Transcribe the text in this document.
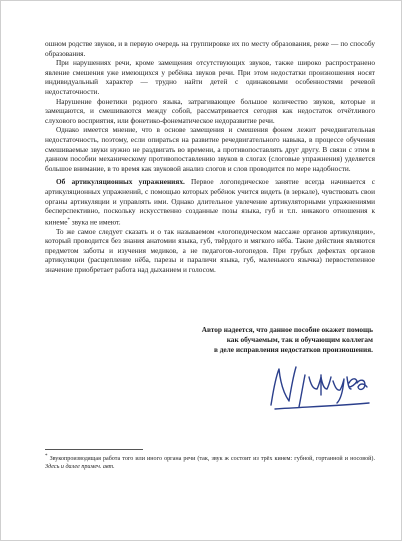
ошном родстве звуков, и в первую очередь на группировке их по месту образования, реже — по способу образования.

При нарушениях речи, кроме замещения отсутствующих звуков, также широко распространено явление смешения уже имеющихся у ребёнка звуков речи. При этом недостатки произношения носят индивидуальный характер — трудно найти детей с одинаковыми особенностями речевой недостаточности.

Нарушение фонетики родного языка, затрагивающее большое количество звуков, которые и замещаются, и смешиваются между собой, рассматривается сегодня как недостаток отчётливого слухового восприятия, или фонетико-фонематическое недоразвитие речи.

Однако имеется мнение, что в основе замещения и смешения фонем лежит речедвигательная недостаточность, поэтому, если опираться на развитие речедвигательного навыка, в процессе обучения смешиваемые звуки нужно не раздвигать во времени, а противопоставлять друг другу. В связи с этим в данном пособии механическому противопоставлению звуков в слогах (слоговые упражнения) уделяется большое внимание, в то время как звуковой анализ слогов и слов проводится по мере надобности.

Об артикуляционных упражнениях. Первое логопедическое занятие всегда начинается с артикуляционных упражнений, с помощью которых ребёнок учится видеть (в зеркале), чувствовать свои органы артикуляции и управлять ими. Однако длительное увлечение артикуляторными упражнениями бесперспективно, поскольку искусственно созданные позы языка, губ и т.п. никакого отношения к кинеме* звука не имеют.

То же самое следует сказать и о так называемом «логопедическом массаже органов артикуляции», который проводится без знания анатомии языка, губ, твёрдого и мягкого нёба. Такие действия являются предметом заботы и изучения медиков, а не педагогов-логопедов. При грубых дефектах органов артикуляции (расщепление нёба, парезы и параличи языка, губ, маленького язычка) первостепенное значение приобретает работа над дыханием и голосом.

Автор надеется, что данное пособие окажет помощь
как обучаемым, так и обучающим коллегам
в деле исправления недостатков произношения.
* Звукопроизводящая работа того или иного органа речи (так, звук ж состоит из трёх кинем: губной, гортанной и носовой). Здесь и далее примеч. авт.
